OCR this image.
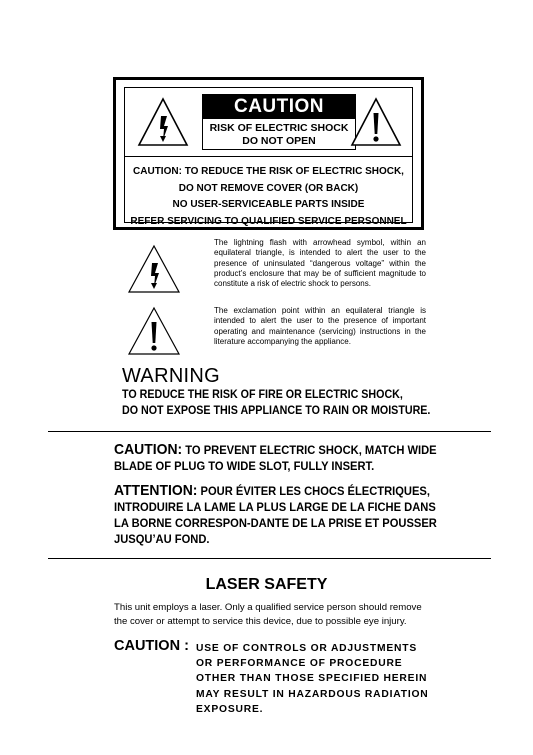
CAUTION
RISK OF ELECTRIC SHOCK
DO NOT OPEN
CAUTION: TO REDUCE THE RISK OF ELECTRIC SHOCK,
DO NOT REMOVE COVER (OR BACK)
NO USER-SERVICEABLE PARTS INSIDE
REFER SERVICING TO QUALIFIED SERVICE PERSONNEL
The lightning flash with arrowhead symbol, within an equilateral triangle, is intended to alert the user to the presence of uninsulated “dangerous voltage” within the product’s enclosure that may be of sufficient magnitude to constitute a risk of electric shock to persons.
The exclamation point within an equilateral triangle is intended to alert the user to the presence of important operating and maintenance (servicing) instructions in the literature accompanying the appliance.
WARNING
TO REDUCE THE RISK OF FIRE OR ELECTRIC SHOCK,
DO NOT EXPOSE THIS APPLIANCE TO RAIN OR MOISTURE.
CAUTION: TO PREVENT ELECTRIC SHOCK, MATCH WIDE
BLADE OF PLUG TO WIDE SLOT, FULLY INSERT.
ATTENTION: POUR ÉVITER LES CHOCS ÉLECTRIQUES,
INTRODUIRE LA LAME LA PLUS LARGE DE LA FICHE DANS
LA BORNE CORRESPON-DANTE DE LA PRISE ET POUSSER
JUSQU’AU FOND.
LASER SAFETY
This unit employs a laser. Only a qualified service person should remove the cover or attempt to service this device, due to possible eye injury.
CAUTION : USE OF CONTROLS OR ADJUSTMENTS
OR PERFORMANCE OF PROCEDURE
OTHER THAN THOSE SPECIFIED HEREIN
MAY RESULT IN HAZARDOUS RADIATION
EXPOSURE.
